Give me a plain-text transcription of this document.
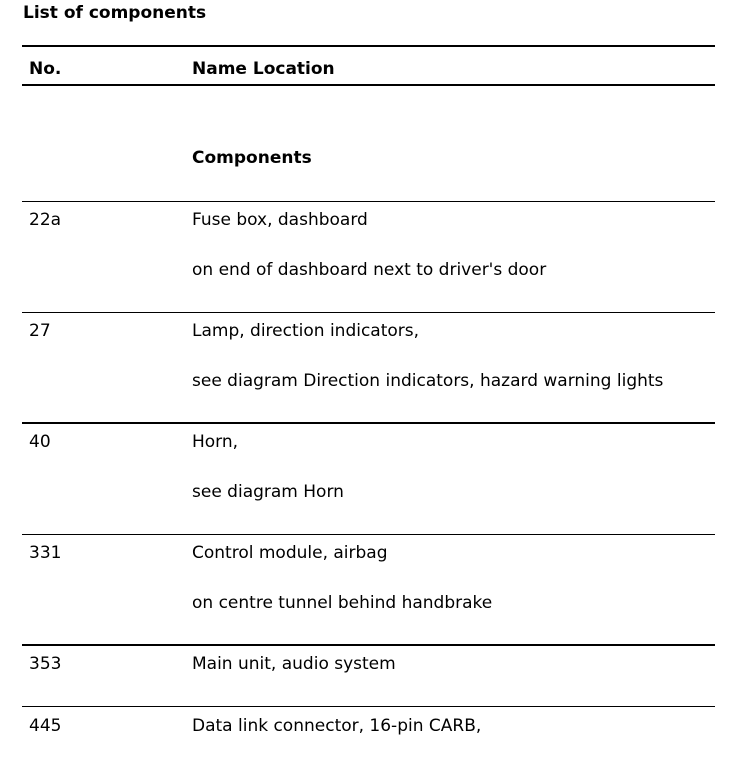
List of components
No.	Name Location
Components
22a	Fuse box, dashboard
on end of dashboard next to driver's door
27	Lamp, direction indicators,
see diagram Direction indicators, hazard warning lights
40	Horn,
see diagram Horn
331	Control module, airbag
on centre tunnel behind handbrake
353	Main unit, audio system
445	Data link connector, 16-pin CARB,
